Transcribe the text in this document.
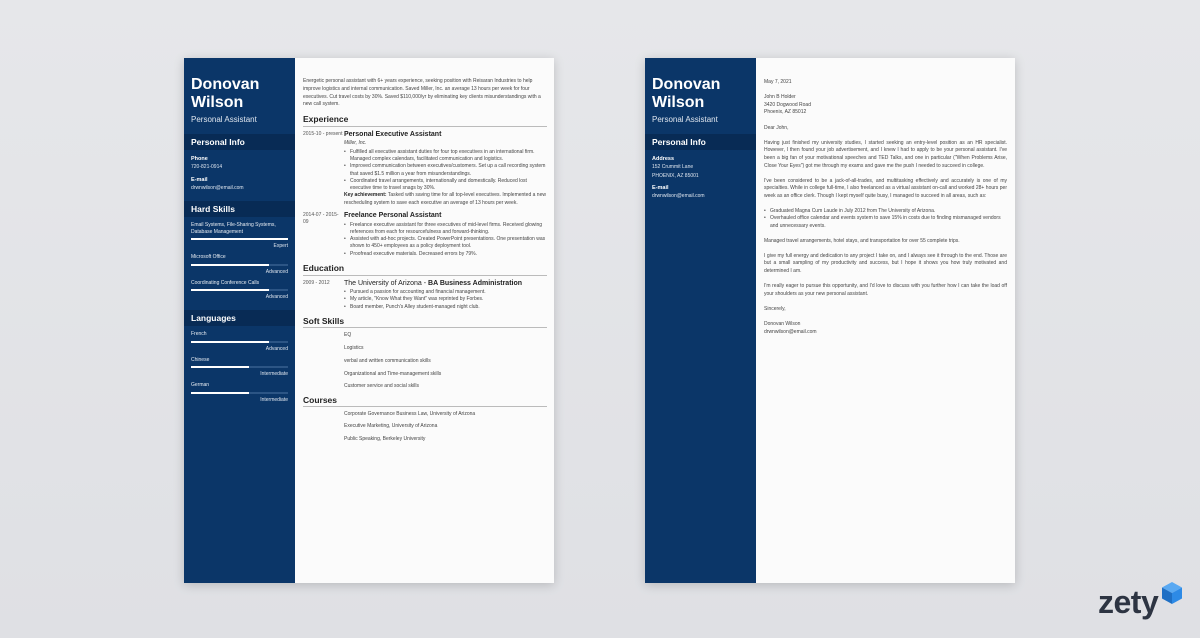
Donovan
Wilson
Personal Assistant
Personal Info
Phone
720-821-0914
E-mail
drwnwilson@email.com
Hard Skills
Email Systems, File-Sharing Systems, Database Management
Expert
Microsoft Office
Advanced
Coordinating Conference Calls
Advanced
Languages
French
Advanced
Chinese
Intermediate
German
Intermediate
Energetic personal assistant with 6+ years experience, seeking position with Reisaran Industries to help improve logistics and internal communication. Saved Miller, Inc. an average 13 hours per week for four executives. Cut travel costs by 30%. Saved $110,000/yr by eliminating key clients misunderstandings with a new call system.
Experience
2015-10 - present Personal Executive Assistant
Miller, Inc.
• Fulfilled all executive assistant duties for four top executives in an international firm. Managed complex calendars, facilitated communication and logistics.
• Improved communication between executives/customers. Set up a call recording system that saved $1.5 million a year from misunderstandings.
• Coordinated travel arrangements, internationally and domestically. Reduced lost executive time to travel snags by 30%.
Key achievement: Tasked with saving time for all top-level executives. Implemented a new rescheduling system to save each executive an average of 13 hours per week.
2014-07 - 2015-09
Freelance Personal Assistant
• Freelance executive assistant for three executives of mid-level firms. Received glowing references from each for resourcefulness and forward-thinking.
• Assisted with ad-hoc projects. Created PowerPoint presentations. One presentation was shown to 450+ employees as a policy deployment tool.
• Proofread executive materials. Decreased errors by 79%.
Education
2009 - 2012	The University of Arizona - BA Business Administration
• Pursued a passion for accounting and financial management.
• My article, "Know What they Want" was reprinted by Forbes.
• Board member, Punch's Alley student-managed night club.
Soft Skills
EQ
Logistics
verbal and written communication skills
Organizational and Time-management skills
Customer service and social skills
Courses
Corporate Governance Business Law, University of Arizona
Executive Marketing, University of Arizona
Public Speaking, Berkeley University
Donovan
Wilson
Personal Assistant
Personal Info
Address
152 Crummit Lane
PHOENIX, AZ 85001
E-mail
drwnwilson@email.com

May 7, 2021

John B Holder
3420 Dogwood Road
Phoenix, AZ 85012

Dear John,

Having just finished my university studies, I started seeking an entry-level position as an HR specialist. However, I then found your job advertisement, and I knew I had to apply to be your personal assistant. I've been a big fan of your motivational speeches and TED Talks, and one in particular ("When Problems Arise, Close Your Eyes") got me through my exams and gave me the push I needed to succeed in college.

I've been considered to be a jack-of-all-trades, and multitasking effectively and accurately is one of my specialties. While in college full-time, I also freelanced as a virtual assistant on-call and worked 28+ hours per week as an office clerk. Though I kept myself quite busy, I managed to succeed in all areas, such as:

• Graduated Magna Cum Laude in July 2012 from The University of Arizona.
• Overhauled office calendar and events system to save 15% in costs due to finding mismanaged vendors and unnecessary events.

Managed travel arrangements, hotel stays, and transportation for over 55 complete trips.

I give my full energy and dedication to any project I take on, and I always see it through to the end. Those are but a small sampling of my productivity and success, but I hope it shows you how truly motivated and determined I am.

I'm really eager to pursue this opportunity, and I'd love to discuss with you further how I can take the load off your shoulders as your new personal assistant.

Sincerely,

Donovan Wilson
drwnwilson@email.com
zety
